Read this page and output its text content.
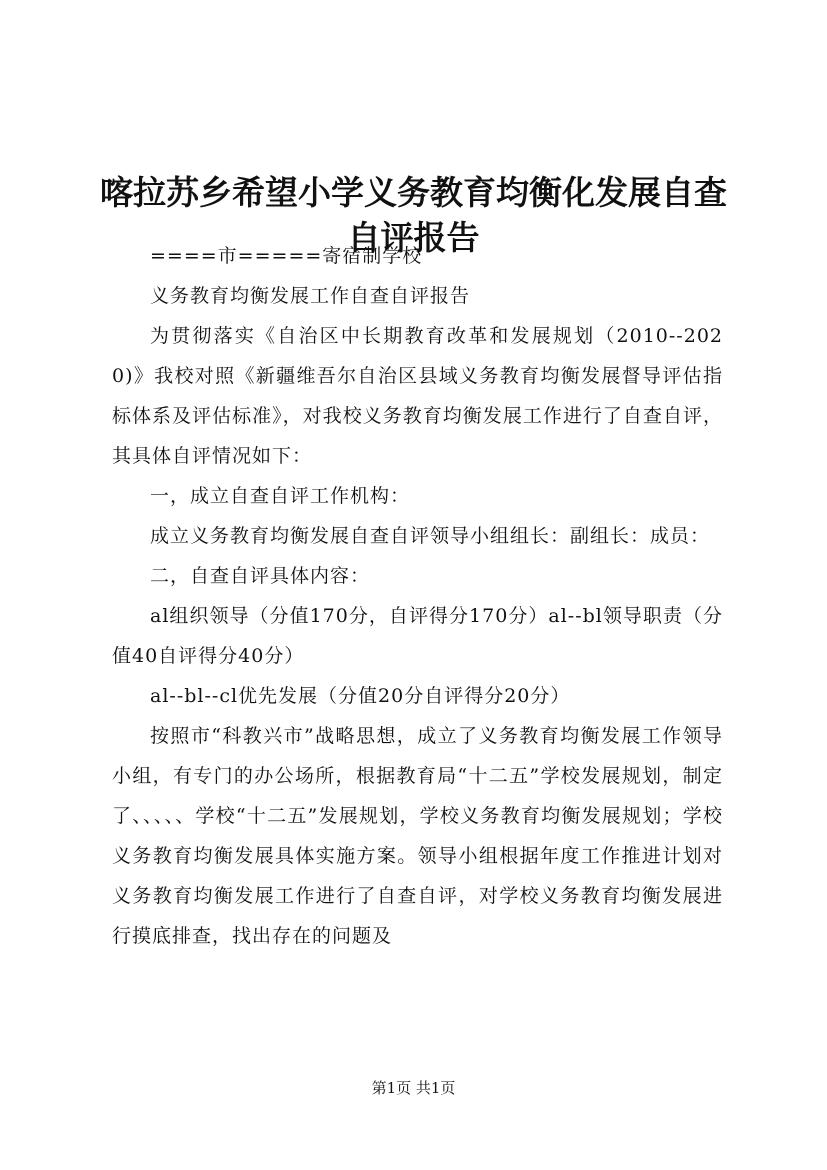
喀拉苏乡希望小学义务教育均衡化发展自查自评报告

====市=====寄宿制学校

义务教育均衡发展工作自查自评报告

为贯彻落实《自治区中长期教育改革和发展规划（2010--2020)》我校对照《新疆维吾尔自治区县域义务教育均衡发展督导评估指标体系及评估标准》，对我校义务教育均衡发展工作进行了自查自评，其具体自评情况如下：

一，成立自查自评工作机构：

成立义务教育均衡发展自查自评领导小组组长：副组长：成员：

二，自查自评具体内容：

al组织领导（分值170分，自评得分170分）al--bl领导职责（分值40自评得分40分）

al--bl--cl优先发展（分值20分自评得分20分）

按照市“科教兴市”战略思想，成立了义务教育均衡发展工作领导小组，有专门的办公场所，根据教育局“十二五”学校发展规划，制定了、、、、、学校“十二五”发展规划，学校义务教育均衡发展规划；学校义务教育均衡发展具体实施方案。领导小组根据年度工作推进计划对义务教育均衡发展工作进行了自查自评，对学校义务教育均衡发展进行摸底排查，找出存在的问题及

第1页 共1页
